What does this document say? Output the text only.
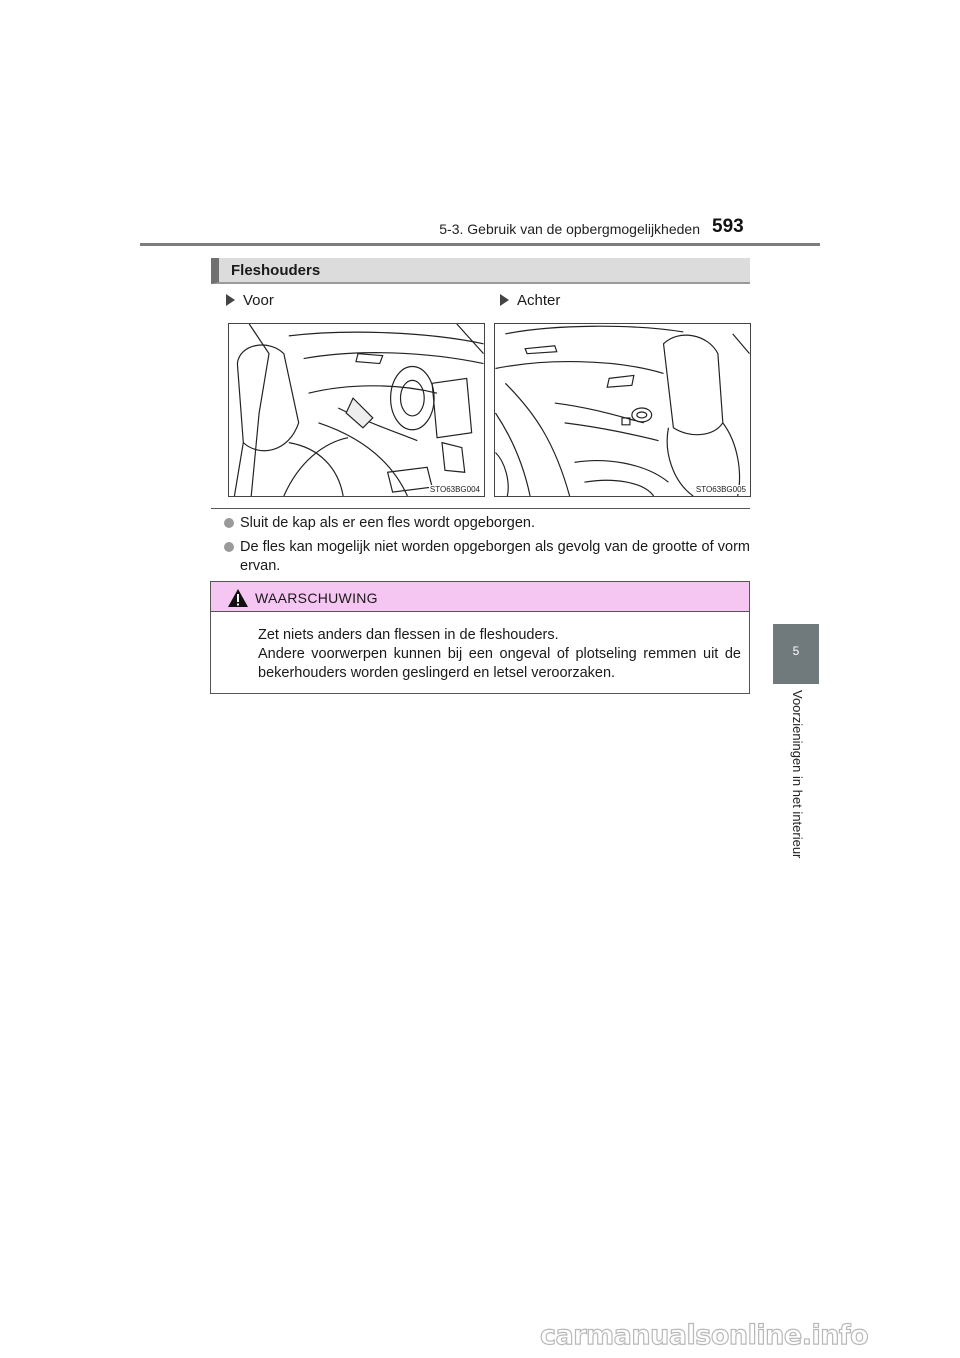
5-3. Gebruik van de opbergmogelijkheden 593
5
Voorzieningen in het interieur
Fleshouders
Voor	Achter
STO63BG004	STO63BG005
Sluit de kap als er een fles wordt opgeborgen.
De fles kan mogelijk niet worden opgeborgen als gevolg van de grootte of vorm ervan.
WAARSCHUWING
Zet niets anders dan flessen in de fleshouders.
Andere voorwerpen kunnen bij een ongeval of plotseling remmen uit de bekerhouders worden geslingerd en letsel veroorzaken.
carmanualsonline.info
